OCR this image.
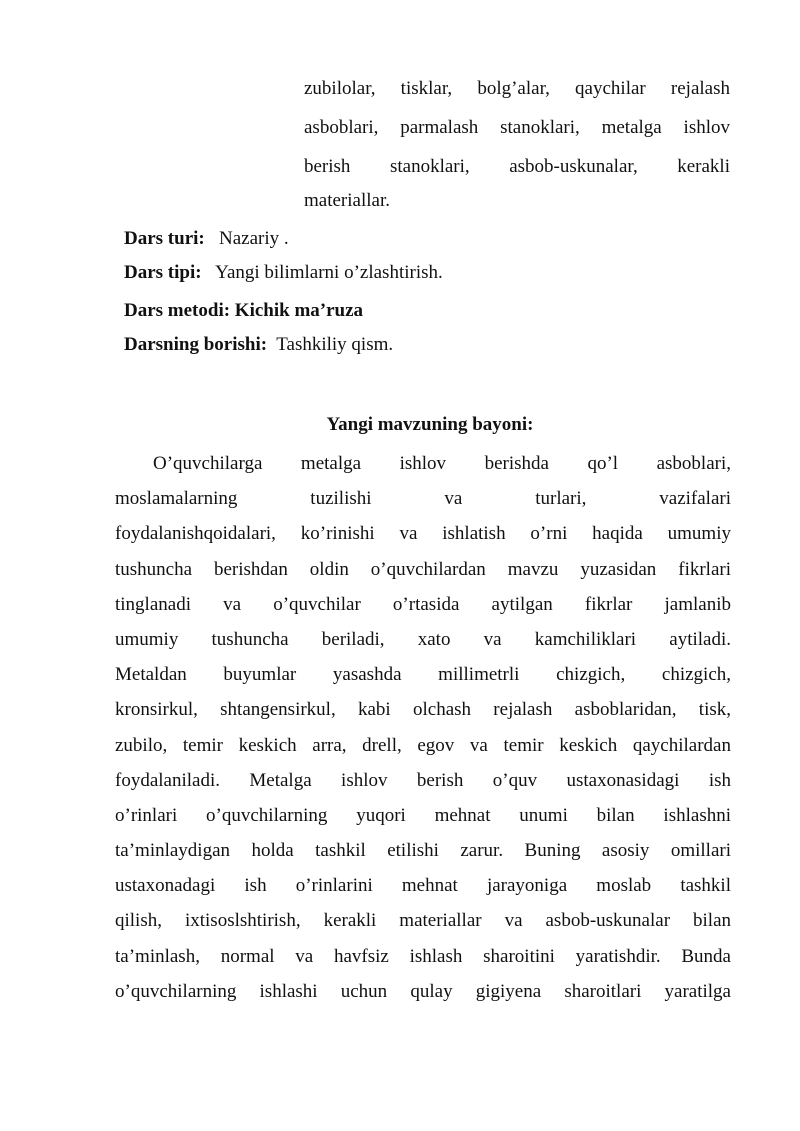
zubilolar, tisklar, bolg’alar, qaychilar rejalash
asboblari, parmalash stanoklari, metalga ishlov
berish stanoklari, asbob-uskunalar, kerakli
materiallar.
Dars turi: Nazariy .
Dars tipi: Yangi bilimlarni o’zlashtirish.
Dars metodi: Kichik ma’ruza
Darsning borishi: Tashkiliy qism.
Yangi mavzuning bayoni:
O’quvchilarga metalga ishlov berishda qo’l asboblari,
moslamalarning tuzilishi va turlari, vazifalari
foydalanishqoidalari, ko’rinishi va ishlatish o’rni haqida umumiy
tushuncha berishdan oldin o’quvchilardan mavzu yuzasidan fikrlari
tinglanadi va o’quvchilar o’rtasida aytilgan fikrlar jamlanib
umumiy tushuncha beriladi, xato va kamchiliklari aytiladi.
Metaldan buyumlar yasashda millimetrli chizgich, chizgich,
kronsirkul, shtangensirkul, kabi olchash rejalash asboblaridan, tisk,
zubilo, temir keskich arra, drell, egov va temir keskich qaychilardan
foydalaniladi. Metalga ishlov berish o’quv ustaxonasidagi ish
o’rinlari o’quvchilarning yuqori mehnat unumi bilan ishlashni
ta’minlaydigan holda tashkil etilishi zarur. Buning asosiy omillari
ustaxonadagi ish o’rinlarini mehnat jarayoniga moslab tashkil
qilish, ixtisoslshtirish, kerakli materiallar va asbob-uskunalar bilan
ta’minlash, normal va havfsiz ishlash sharoitini yaratishdir. Bunda
o’quvchilarning ishlashi uchun qulay gigiyena sharoitlari yaratilga
